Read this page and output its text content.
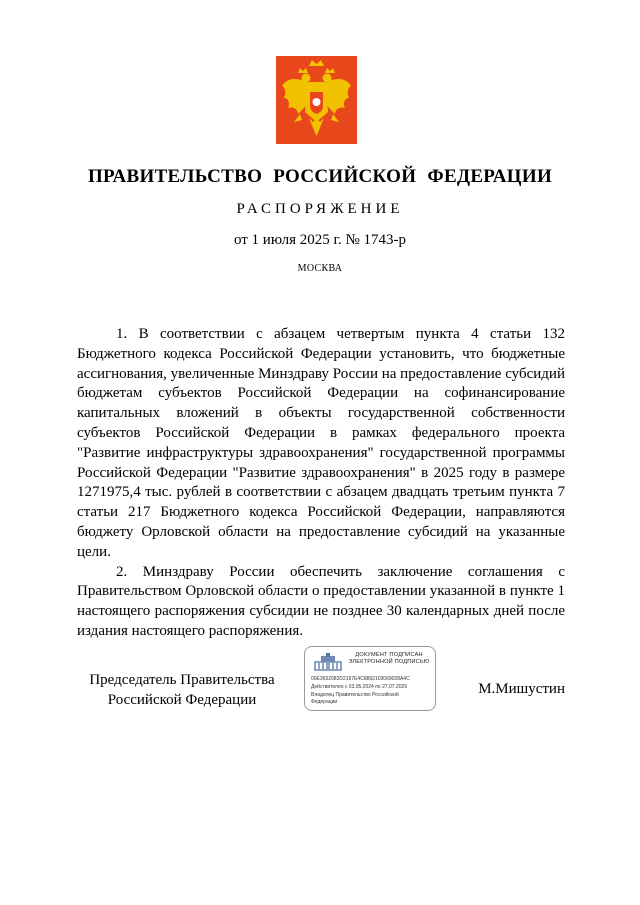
ПРАВИТЕЛЬСТВО РОССИЙСКОЙ ФЕДЕРАЦИИ
РАСПОРЯЖЕНИЕ
от 1 июля 2025 г. № 1743-р
МОСКВА

1. В соответствии с абзацем четвертым пункта 4 статьи 132 Бюджетного кодекса Российской Федерации установить, что бюджетные ассигнования, увеличенные Минздраву России на предоставление субсидий бюджетам субъектов Российской Федерации на софинансирование капитальных вложений в объекты государственной собственности субъектов Российской Федерации в рамках федерального проекта "Развитие инфраструктуры здравоохранения" государственной программы Российской Федерации "Развитие здравоохранения" в 2025 году в размере 1271975,4 тыс. рублей в соответствии с абзацем двадцать третьим пункта 7 статьи 217 Бюджетного кодекса Российской Федерации, направляются бюджету Орловской области на предоставление субсидий на указанные цели.

2. Минздраву России обеспечить заключение соглашения с Правительством Орловской области о предоставлении указанной в пункте 1 настоящего распоряжения субсидии не позднее 30 календарных дней после издания настоящего распоряжения.

Председатель Правительства
Российской Федерации
ДОКУМЕНТ ПОДПИСАН
ЭЛЕКТРОННОЙ ПОДПИСЬЮ
00E3652082D2197E4C8892103069028A4C
Действителен с 03.05.2024 по 27.07.2025
Владелец Правительство Российской
Федерации
М.Мишустин
